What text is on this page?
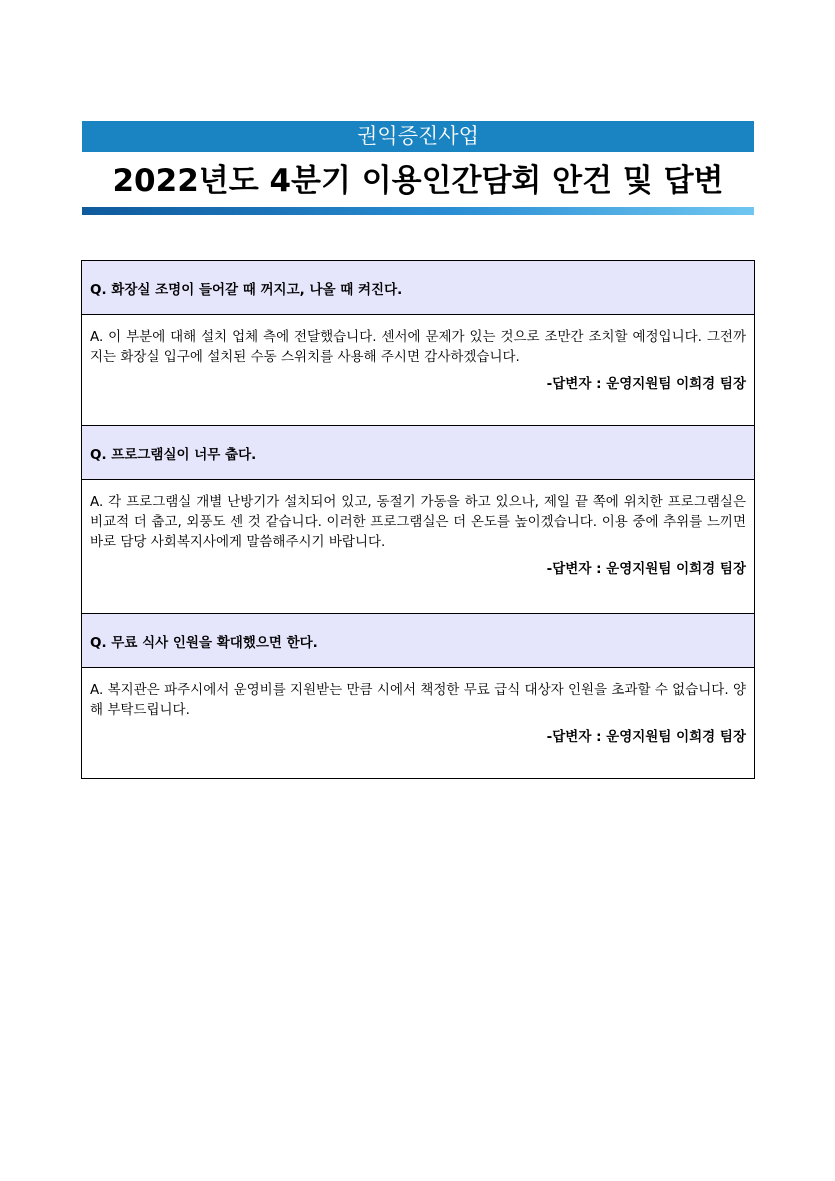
권익증진사업
2022년도 4분기 이용인간담회 안건 및 답변
Q. 화장실 조명이 들어갈 때 꺼지고, 나올 때 켜진다.
A. 이 부분에 대해 설치 업체 측에 전달했습니다. 센서에 문제가 있는 것으로 조만간 조치할 예정입니다. 그전까지는 화장실 입구에 설치된 수동 스위치를 사용해 주시면 감사하겠습니다.
-답변자 : 운영지원팀 이희경 팀장
Q. 프로그램실이 너무 춥다.
A. 각 프로그램실 개별 난방기가 설치되어 있고, 동절기 가동을 하고 있으나, 제일 끝 쪽에 위치한 프로그램실은 비교적 더 춥고, 외풍도 센 것 같습니다. 이러한 프로그램실은 더 온도를 높이겠습니다. 이용 중에 추위를 느끼면 바로 담당 사회복지사에게 말씀해주시기 바랍니다.
-답변자 : 운영지원팀 이희경 팀장
Q. 무료 식사 인원을 확대했으면 한다.
A. 복지관은 파주시에서 운영비를 지원받는 만큼 시에서 책정한 무료 급식 대상자 인원을 초과할 수 없습니다. 양해 부탁드립니다.
-답변자 : 운영지원팀 이희경 팀장
